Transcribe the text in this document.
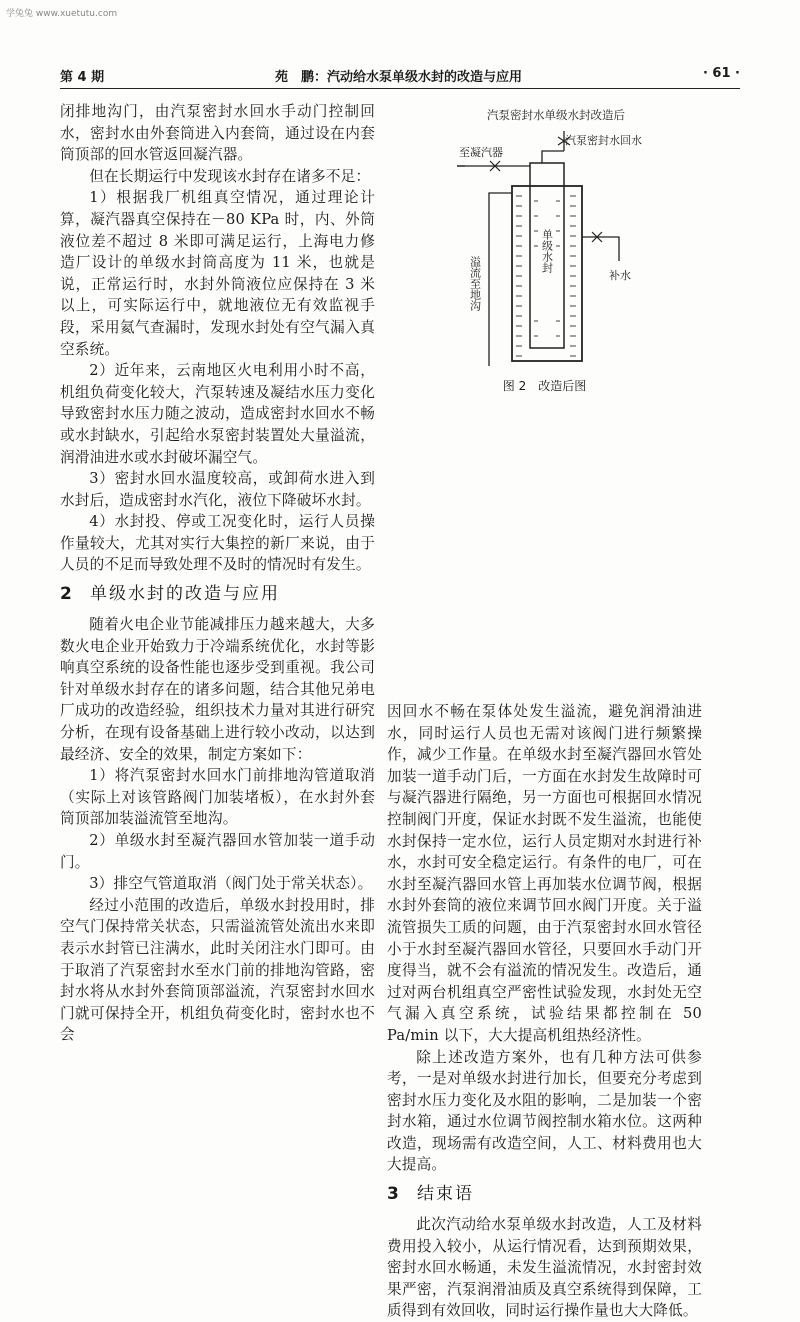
学兔兔 www.xuetutu.com
第 4 期	苑　鹏：汽动给水泵单级水封的改造与应用	· 61 ·

闭排地沟门，由汽泵密封水回水手动门控制回水，密封水由外套筒进入内套筒，通过设在内套筒顶部的回水管返回凝汽器。

但在长期运行中发现该水封存在诸多不足：

1）根据我厂机组真空情况，通过理论计算，凝汽器真空保持在－80 KPa 时，内、外筒液位差不超过 8 米即可满足运行，上海电力修造厂设计的单级水封筒高度为 11 米，也就是说，正常运行时，水封外筒液位应保持在 3 米以上，可实际运行中，就地液位无有效监视手段，采用氦气查漏时，发现水封处有空气漏入真空系统。

2）近年来，云南地区火电利用小时不高，机组负荷变化较大，汽泵转速及凝结水压力变化导致密封水压力随之波动，造成密封水回水不畅或水封缺水，引起给水泵密封装置处大量溢流，润滑油进水或水封破坏漏空气。

3）密封水回水温度较高，或卸荷水进入到水封后，造成密封水汽化，液位下降破坏水封。

4）水封投、停或工况变化时，运行人员操作量较大，尤其对实行大集控的新厂来说，由于人员的不足而导致处理不及时的情况时有发生。

2 单级水封的改造与应用

随着火电企业节能减排压力越来越大，大多数火电企业开始致力于冷端系统优化，水封等影响真空系统的设备性能也逐步受到重视。我公司针对单级水封存在的诸多问题，结合其他兄弟电厂成功的改造经验，组织技术力量对其进行研究分析，在现有设备基础上进行较小改动，以达到最经济、安全的效果，制定方案如下：

1）将汽泵密封水回水门前排地沟管道取消（实际上对该管路阀门加装堵板），在水封外套筒顶部加装溢流管至地沟。

2）单级水封至凝汽器回水管加装一道手动门。

3）排空气管道取消（阀门处于常关状态）。

经过小范围的改造后，单级水封投用时，排空气门保持常关状态，只需溢流管处流出水来即表示水封管已注满水，此时关闭注水门即可。由于取消了汽泵密封水至水门前的排地沟管路，密封水将从水封外套筒顶部溢流，汽泵密封水回水门就可保持全开，机组负荷变化时，密封水也不会

汽泵密封水单级水封改造后
汽泵密封水回水
至凝汽器
单级水封
溢流至地沟	补水
图 2　改造后图

因回水不畅在泵体处发生溢流，避免润滑油进水，同时运行人员也无需对该阀门进行频繁操作，减少工作量。在单级水封至凝汽器回水管处加装一道手动门后，一方面在水封发生故障时可与凝汽器进行隔绝，另一方面也可根据回水情况控制阀门开度，保证水封既不发生溢流，也能使水封保持一定水位，运行人员定期对水封进行补水，水封可安全稳定运行。有条件的电厂，可在水封至凝汽器回水管上再加装水位调节阀，根据水封外套筒的液位来调节回水阀门开度。关于溢流管损失工质的问题，由于汽泵密封水回水管径小于水封至凝汽器回水管径，只要回水手动门开度得当，就不会有溢流的情况发生。改造后，通过对两台机组真空严密性试验发现，水封处无空气漏入真空系统，试验结果都控制在 50 Pa/min 以下，大大提高机组热经济性。

除上述改造方案外，也有几种方法可供参考，一是对单级水封进行加长，但要充分考虑到密封水压力变化及水阻的影响，二是加装一个密封水箱，通过水位调节阀控制水箱水位。这两种改造，现场需有改造空间，人工、材料费用也大大提高。

3 结束语

此次汽动给水泵单级水封改造，人工及材料费用投入较小，从运行情况看，达到预期效果，密封水回水畅通，未发生溢流情况，水封密封效果严密，汽泵润滑油质及真空系统得到保障，工质得到有效回收，同时运行操作量也大大降低。
